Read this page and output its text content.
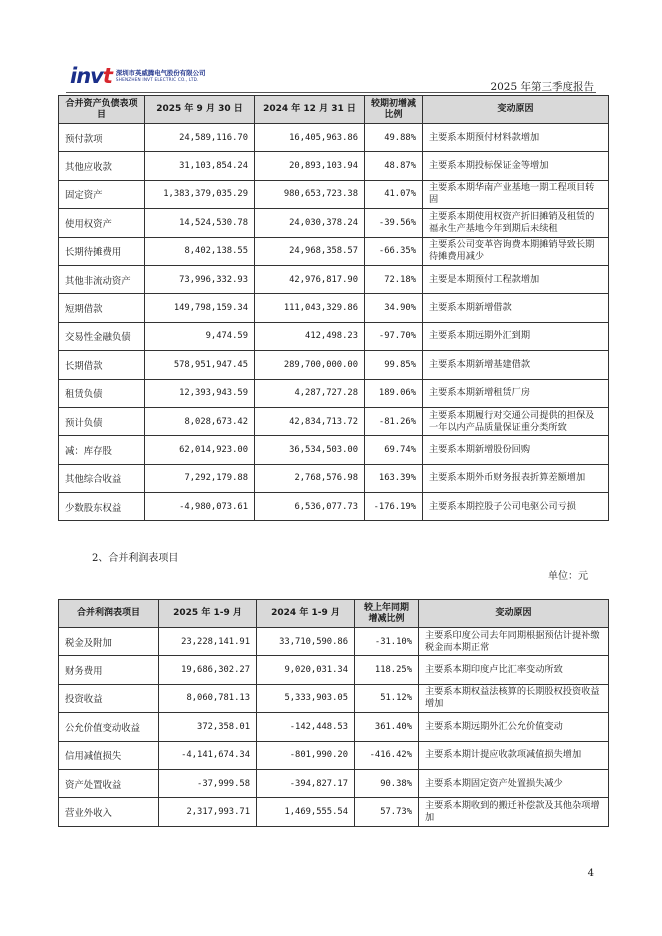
invt 深圳市英威腾电气股份有限公司
SHENZHEN INVT ELECTRIC CO., LTD.
2025 年第三季度报告
合并资产负债表项目	2025 年 9 月 30 日	2024 年 12 月 31 日	较期初增减比例	变动原因
预付款项	24,589,116.70	16,405,963.86	49.88%	主要系本期预付材料款增加
其他应收款	31,103,854.24	20,893,103.94	48.87%	主要系本期投标保证金等增加
固定资产	1,383,379,035.29	980,653,723.38	41.07%	主要系本期华南产业基地一期工程项目转固
使用权资产	14,524,530.78	24,030,378.24	-39.56%	主要系本期使用权资产折旧摊销及租赁的福永生产基地今年到期后未续租
长期待摊费用	8,402,138.55	24,968,358.57	-66.35%	主要系公司变革咨询费本期摊销导致长期待摊费用减少
其他非流动资产	73,996,332.93	42,976,817.90	72.18%	主要是本期预付工程款增加
短期借款	149,798,159.34	111,043,329.86	34.90%	主要系本期新增借款
交易性金融负债	9,474.59	412,498.23	-97.70%	主要系本期远期外汇到期
长期借款	578,951,947.45	289,700,000.00	99.85%	主要系本期新增基建借款
租赁负债	12,393,943.59	4,287,727.28	189.06%	主要系本期新增租赁厂房
预计负债	8,028,673.42	42,834,713.72	-81.26%	主要系本期履行对交通公司提供的担保及一年以内产品质量保证重分类所致
减：库存股	62,014,923.00	36,534,503.00	69.74%	主要系本期新增股份回购
其他综合收益	7,292,179.88	2,768,576.98	163.39%	主要系本期外币财务报表折算差额增加
少数股东权益	-4,980,073.61	6,536,077.73	-176.19%	主要系本期控股子公司电驱公司亏损
2、合并利润表项目
单位：元
合并利润表项目	2025 年 1-9 月	2024 年 1-9 月	较上年同期增减比例	变动原因
税金及附加	23,228,141.91	33,710,590.86	-31.10%	主要系印度公司去年同期根据预估计提补缴税金而本期正常
财务费用	19,686,302.27	9,020,031.34	118.25%	主要系本期印度卢比汇率变动所致
投资收益	8,060,781.13	5,333,903.05	51.12%	主要系本期权益法核算的长期股权投资收益增加
公允价值变动收益	372,358.01	-142,448.53	361.40%	主要系本期远期外汇公允价值变动
信用减值损失	-4,141,674.34	-801,990.20	-416.42%	主要系本期计提应收款项减值损失增加
资产处置收益	-37,999.58	-394,827.17	90.38%	主要系本期固定资产处置损失减少
营业外收入	2,317,993.71	1,469,555.54	57.73%	主要系本期收到的搬迁补偿款及其他杂项增加
4
